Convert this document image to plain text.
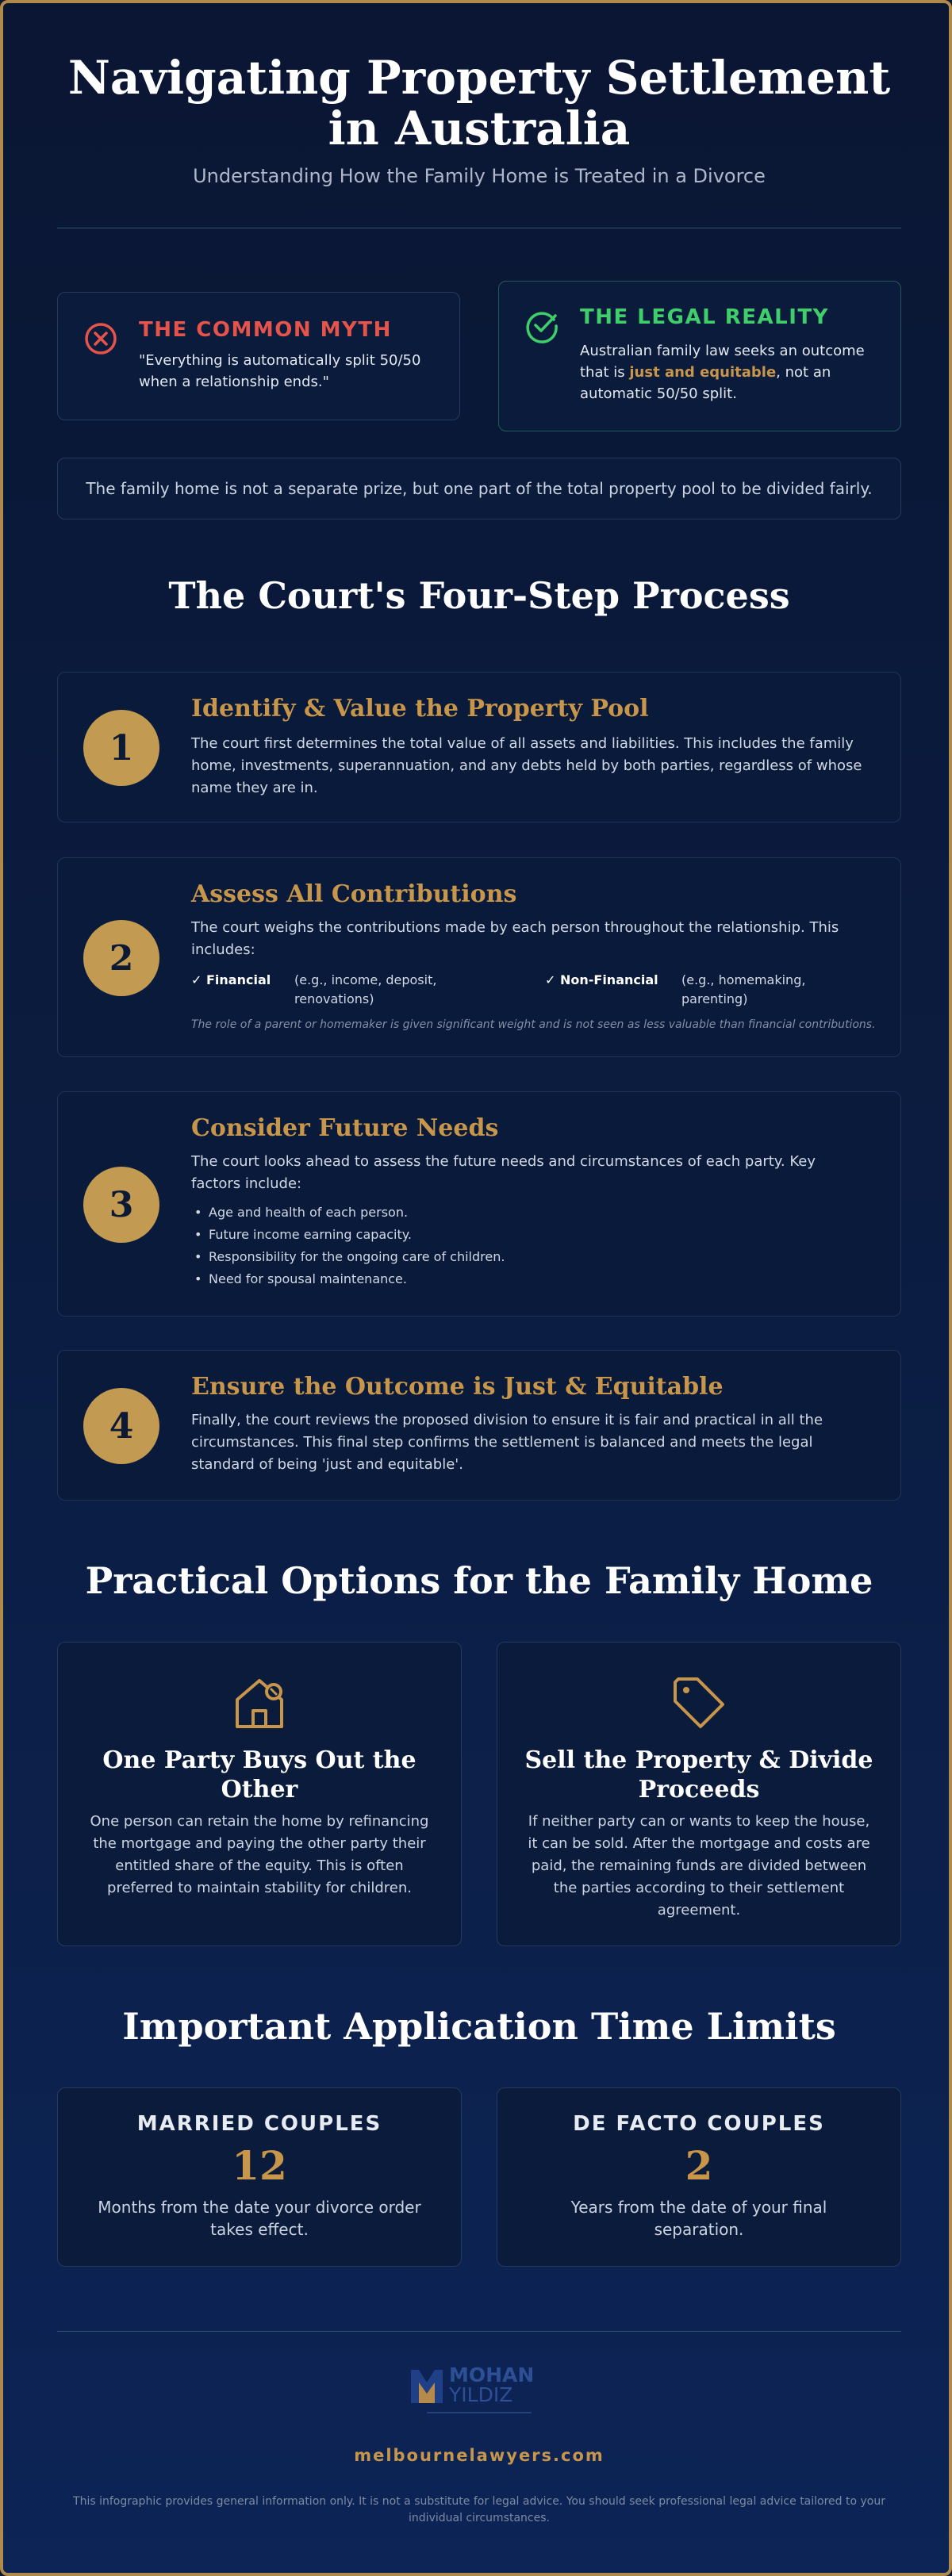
Navigating Property Settlement in Australia
Understanding How the Family Home is Treated in a Divorce
THE COMMON MYTH
"Everything is automatically split 50/50 when a relationship ends."
THE LEGAL REALITY
Australian family law seeks an outcome that is just and equitable, not an automatic 50/50 split.
The family home is not a separate prize, but one part of the total property pool to be divided fairly.
The Court's Four-Step Process
1
Identify & Value the Property Pool
The court first determines the total value of all assets and liabilities. This includes the family home, investments, superannuation, and any debts held by both parties, regardless of whose name they are in.
2
Assess All Contributions
The court weighs the contributions made by each person throughout the relationship. This includes:
✓ Financial	(e.g., income, deposit, renovations)
✓ Non-Financial	(e.g., homemaking, parenting)
The role of a parent or homemaker is given significant weight and is not seen as less valuable than financial contributions.
3
Consider Future Needs
The court looks ahead to assess the future needs and circumstances of each party. Key factors include:
• Age and health of each person.
• Future income earning capacity.
• Responsibility for the ongoing care of children.
• Need for spousal maintenance.
4
Ensure the Outcome is Just & Equitable
Finally, the court reviews the proposed division to ensure it is fair and practical in all the circumstances. This final step confirms the settlement is balanced and meets the legal standard of being 'just and equitable'.
Practical Options for the Family Home
One Party Buys Out the Other
One person can retain the home by refinancing the mortgage and paying the other party their entitled share of the equity. This is often preferred to maintain stability for children.
Sell the Property & Divide Proceeds
If neither party can or wants to keep the house, it can be sold. After the mortgage and costs are paid, the remaining funds are divided between the parties according to their settlement agreement.
Important Application Time Limits
MARRIED COUPLES
12
Months from the date your divorce order takes effect.
DE FACTO COUPLES
2
Years from the date of your final separation.
MOHAN
YILDIZ
melbournelawyers.com
This infographic provides general information only. It is not a substitute for legal advice. You should seek professional legal advice tailored to your individual circumstances.
